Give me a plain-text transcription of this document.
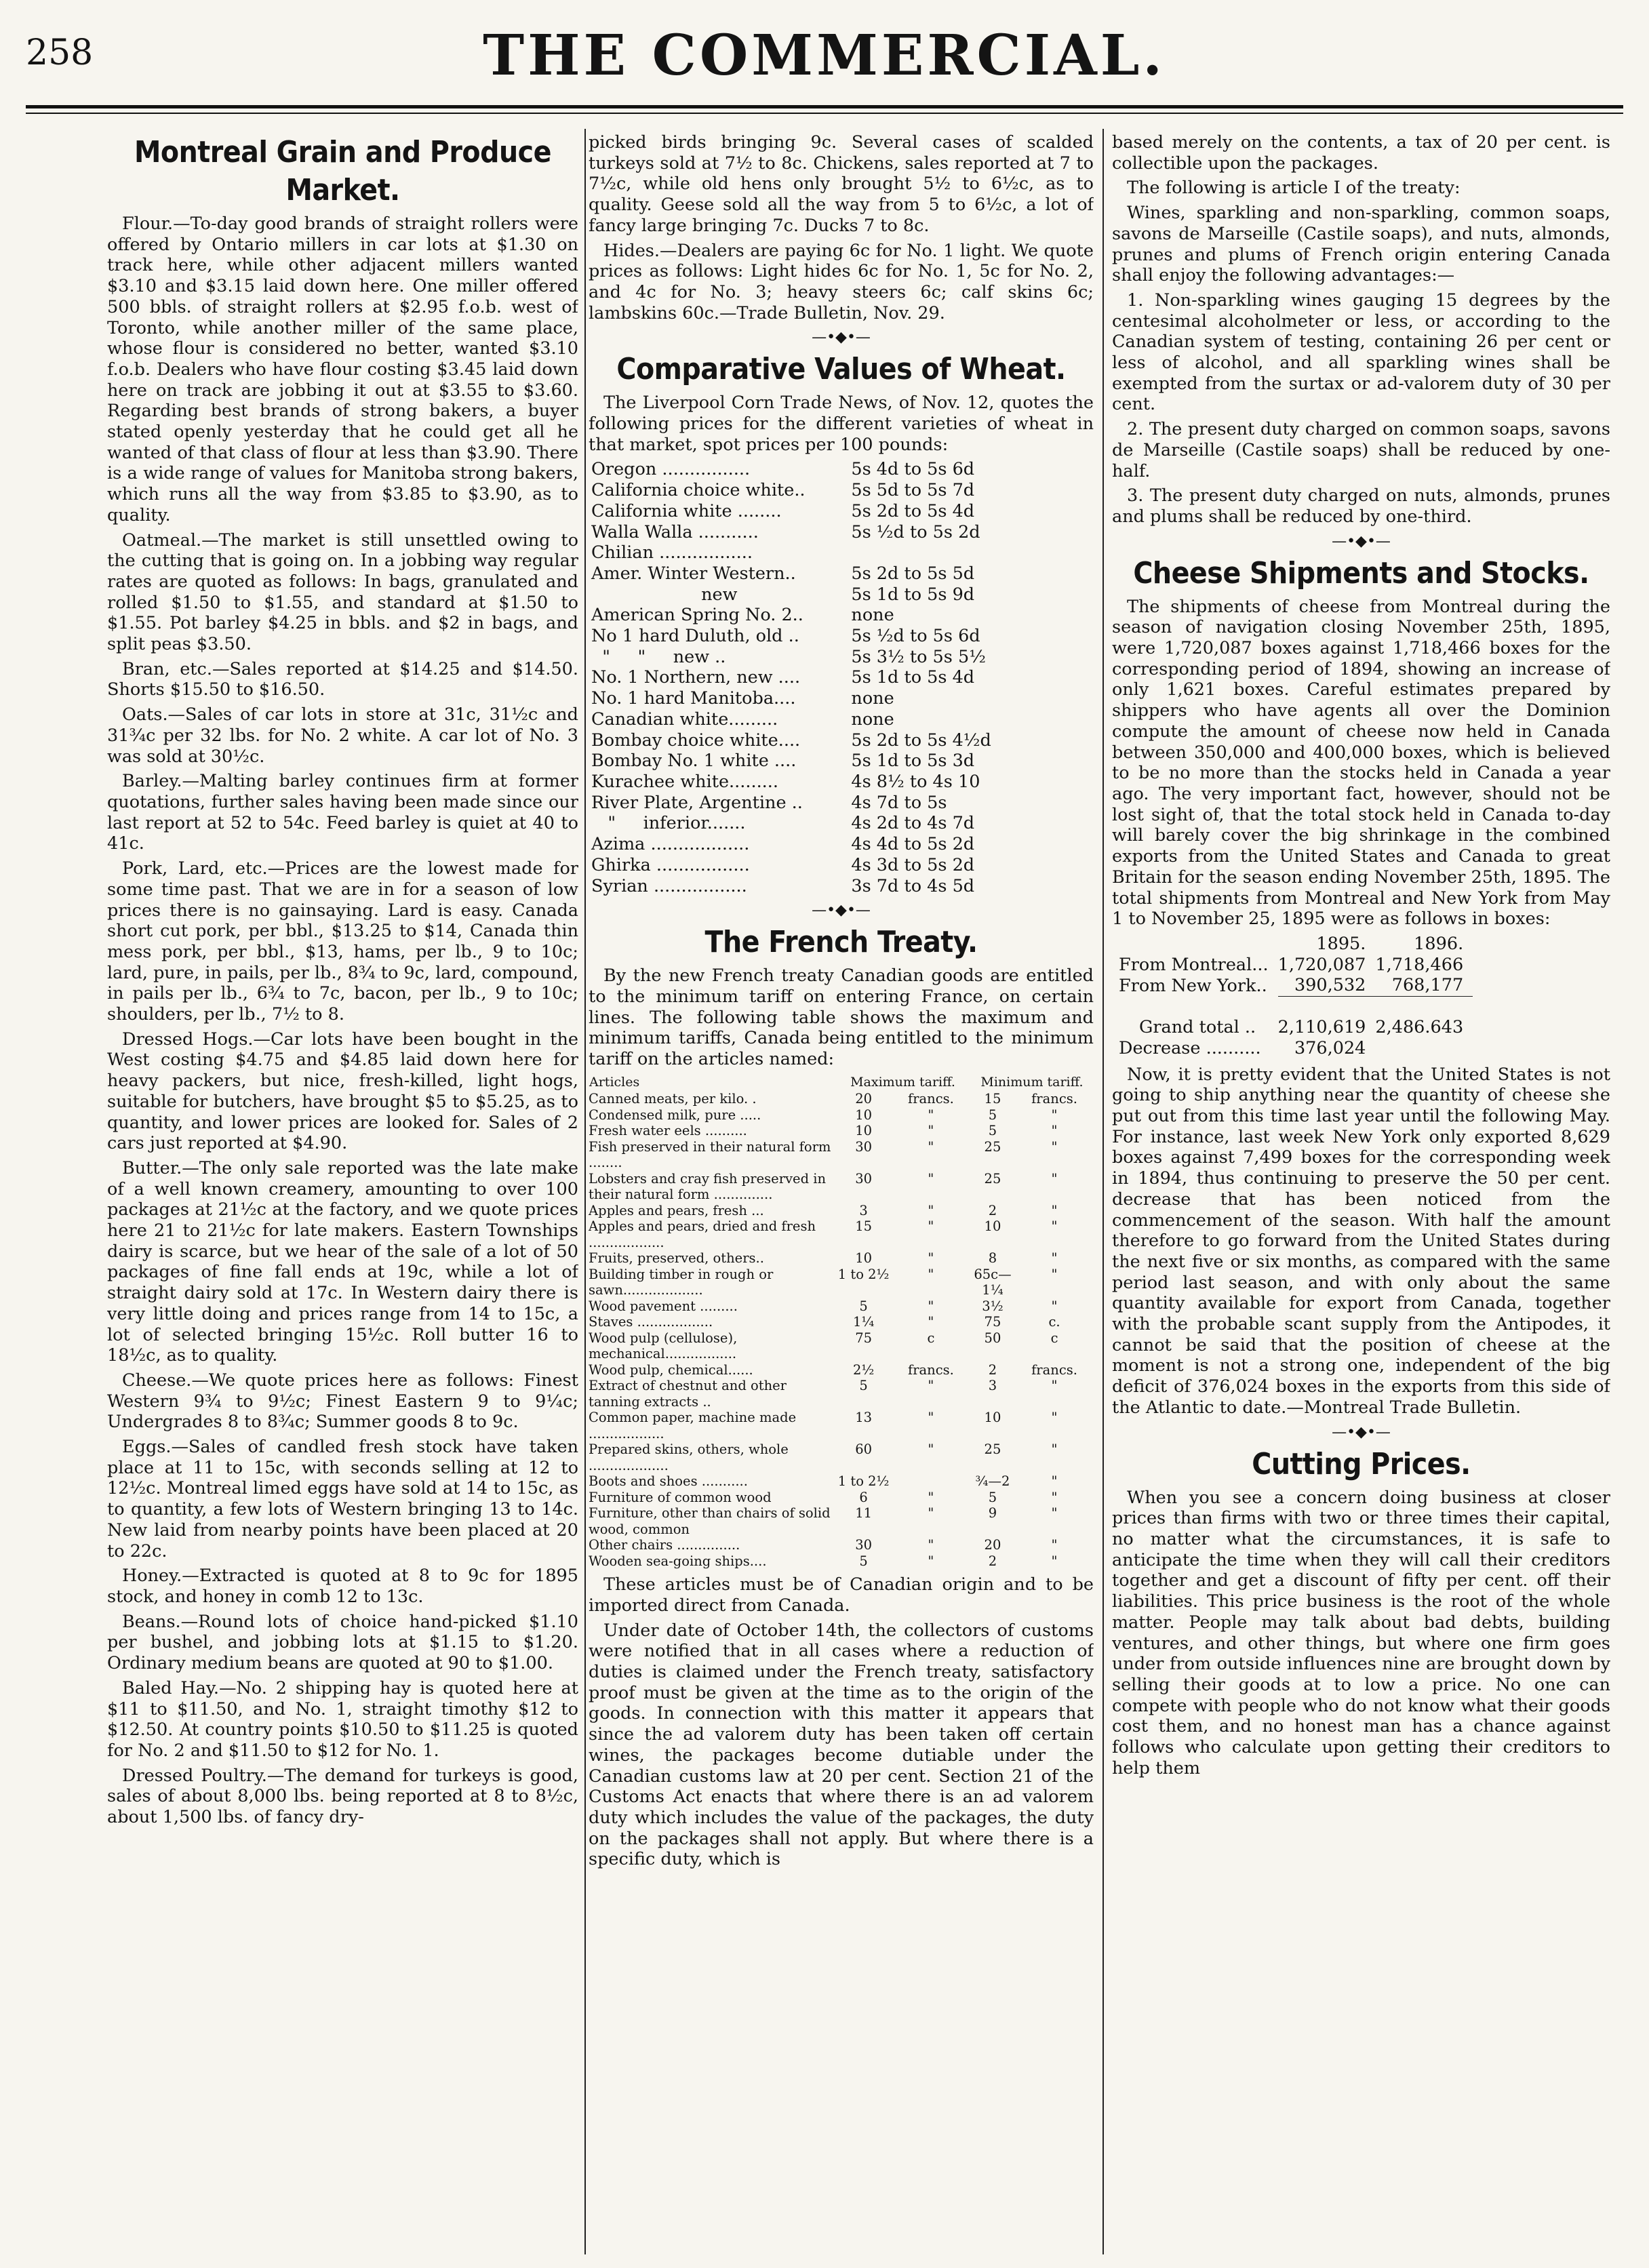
258	THE COMMERCIAL.
Montreal Grain and Produce Market.

Flour.—To-day good brands of straight rollers were offered by Ontario millers in car lots at $1.30 on track here, while other adjacent millers wanted $3.10 and $3.15 laid down here. One miller offered 500 bbls. of straight rollers at $2.95 f.o.b. west of Toronto, while another miller of the same place, whose flour is considered no better, wanted $3.10 f.o.b. Dealers who have flour costing $3.45 laid down here on track are jobbing it out at $3.55 to $3.60. Regarding best brands of strong bakers, a buyer stated openly yesterday that he could get all he wanted of that class of flour at less than $3.90. There is a wide range of values for Manitoba strong bakers, which runs all the way from $3.85 to $3.90, as to quality.

Oatmeal.—The market is still unsettled owing to the cutting that is going on. In a jobbing way regular rates are quoted as follows: In bags, granulated and rolled $1.50 to $1.55, and standard at $1.50 to $1.55. Pot barley $4.25 in bbls. and $2 in bags, and split peas $3.50.

Bran, etc.—Sales reported at $14.25 and $14.50. Shorts $15.50 to $16.50.

Oats.—Sales of car lots in store at 31c, 31½c and 31¾c per 32 lbs. for No. 2 white. A car lot of No. 3 was sold at 30½c.

Barley.—Malting barley continues firm at former quotations, further sales having been made since our last report at 52 to 54c. Feed barley is quiet at 40 to 41c.

Pork, Lard, etc.—Prices are the lowest made for some time past. That we are in for a season of low prices there is no gainsaying. Lard is easy. Canada short cut pork, per bbl., $13.25 to $14, Canada thin mess pork, per bbl., $13, hams, per lb., 9 to 10c; lard, pure, in pails, per lb., 8¾ to 9c, lard, compound, in pails per lb., 6¾ to 7c, bacon, per lb., 9 to 10c; shoulders, per lb., 7½ to 8.

Dressed Hogs.—Car lots have been bought in the West costing $4.75 and $4.85 laid down here for heavy packers, but nice, fresh-killed, light hogs, suitable for butchers, have brought $5 to $5.25, as to quantity, and lower prices are looked for. Sales of 2 cars just reported at $4.90.

Butter.—The only sale reported was the late make of a well known creamery, amounting to over 100 packages at 21½c at the factory, and we quote prices here 21 to 21½c for late makers. Eastern Townships dairy is scarce, but we hear of the sale of a lot of 50 packages of fine fall ends at 19c, while a lot of straight dairy sold at 17c. In Western dairy there is very little doing and prices range from 14 to 15c, a lot of selected bringing 15½c. Roll butter 16 to 18½c, as to quality.

Cheese.—We quote prices here as follows: Finest Western 9¾ to 9½c; Finest Eastern 9 to 9¼c; Undergrades 8 to 8¾c; Summer goods 8 to 9c.

Eggs.—Sales of candled fresh stock have taken place at 11 to 15c, with seconds selling at 12 to 12½c. Montreal limed eggs have sold at 14 to 15c, as to quantity, a few lots of Western bringing 13 to 14c. New laid from nearby points have been placed at 20 to 22c.

Honey.—Extracted is quoted at 8 to 9c for 1895 stock, and honey in comb 12 to 13c.

Beans.—Round lots of choice hand-picked $1.10 per bushel, and jobbing lots at $1.15 to $1.20. Ordinary medium beans are quoted at 90 to $1.00.

Baled Hay.—No. 2 shipping hay is quoted here at $11 to $11.50, and No. 1, straight timothy $12 to $12.50. At country points $10.50 to $11.25 is quoted for No. 2 and $11.50 to $12 for No. 1.

Dressed Poultry.—The demand for turkeys is good, sales of about 8,000 lbs. being reported at 8 to 8½c, about 1,500 lbs. of fancy dry-

picked birds bringing 9c. Several cases of scalded turkeys sold at 7½ to 8c. Chickens, sales reported at 7 to 7½c, while old hens only brought 5½ to 6½c, as to quality. Geese sold all the way from 5 to 6½c, a lot of fancy large bringing 7c. Ducks 7 to 8c.

Hides.—Dealers are paying 6c for No. 1 light. We quote prices as follows: Light hides 6c for No. 1, 5c for No. 2, and 4c for No. 3; heavy steers 6c; calf skins 6c; lambskins 60c.—Trade Bulletin, Nov. 29.

—•◆•—
Comparative Values of Wheat.

The Liverpool Corn Trade News, of Nov. 12, quotes the following prices for the different varieties of wheat in that market, spot prices per 100 pounds:

Oregon ................	5s 4d to 5s 6d
California choice white..	5s 5d to 5s 7d
California white ........	5s 2d to 5s 4d
Walla Walla ...........	5s ½d to 5s 2d
Chilian .................	
Amer. Winter Western..	5s 2d to 5s 5d
new	5s 1d to 5s 9d
American Spring No. 2..	none
No 1 hard Duluth, old ..	5s ½d to 5s 6d
"     "     new ..	5s 3½ to 5s 5½
No. 1 Northern, new ....	5s 1d to 5s 4d
No. 1 hard Manitoba....	none
Canadian white.........	none
Bombay choice white....	5s 2d to 5s 4½d
Bombay No. 1 white ....	5s 1d to 5s 3d
Kurachee white.........	4s 8½ to 4s 10
River Plate, Argentine ..	4s 7d to 5s
"     inferior.......	4s 2d to 4s 7d
Azima ..................	4s 4d to 5s 2d
Ghirka .................	4s 3d to 5s 2d
Syrian .................	3s 7d to 4s 5d
—•◆•—
The French Treaty.

By the new French treaty Canadian goods are entitled to the minimum tariff on entering France, on certain lines. The following table shows the maximum and minimum tariffs, Canada being entitled to the minimum tariff on the articles named:

Articles	Maximum tariff.		Minimum tariff.	
Canned meats, per kilo. .	20	francs.	15	francs.
Condensed milk, pure .....	10	"	5	"
Fresh water eels ..........	10	"	5	"
Fish preserved in their natural form ........	30	"	25	"
Lobsters and cray fish preserved in their natural form ..............	30	"	25	"
Apples and pears, fresh ...	3	"	2	"
Apples and pears, dried and fresh ..................	15	"	10	"
Fruits, preserved, others..	10	"	8	"
Building timber in rough or sawn...................	1 to 2½	"	65c—1¼	"
Wood pavement .........	5	"	3½	"
Staves ..................	1¼	"	75	c.
Wood pulp (cellulose), mechanical.................	75	c	50	c
Wood pulp, chemical......	2½	francs.	2	francs.
Extract of chestnut and other tanning extracts ..	5	"	3	"
Common paper, machine made ..................	13	"	10	"
Prepared skins, others, whole ...................	60	"	25	"
Boots and shoes ...........	1 to 2½		¾—2	"
Furniture of common wood	6	"	5	"
Furniture, other than chairs of solid wood, common	11	"	9	"
Other chairs ...............	30	"	20	"
Wooden sea-going ships....	5	"	2	"

These articles must be of Canadian origin and to be imported direct from Canada.

Under date of October 14th, the collectors of customs were notified that in all cases where a reduction of duties is claimed under the French treaty, satisfactory proof must be given at the time as to the origin of the goods. In connection with this matter it appears that since the ad valorem duty has been taken off certain wines, the packages become dutiable under the Canadian customs law at 20 per cent. Section 21 of the Customs Act enacts that where there is an ad valorem duty which includes the value of the packages, the duty on the packages shall not apply. But where there is a specific duty, which is

based merely on the contents, a tax of 20 per cent. is collectible upon the packages.

The following is article I of the treaty:

Wines, sparkling and non-sparkling, common soaps, savons de Marseille (Castile soaps), and nuts, almonds, prunes and plums of French origin entering Canada shall enjoy the following advantages:—

1. Non-sparkling wines gauging 15 degrees by the centesimal alcoholmeter or less, or according to the Canadian system of testing, containing 26 per cent or less of alcohol, and all sparkling wines shall be exempted from the surtax or ad-valorem duty of 30 per cent.

2. The present duty charged on common soaps, savons de Marseille (Castile soaps) shall be reduced by one-half.

3. The present duty charged on nuts, almonds, prunes and plums shall be reduced by one-third.

—•◆•—
Cheese Shipments and Stocks.

The shipments of cheese from Montreal during the season of navigation closing November 25th, 1895, were 1,720,087 boxes against 1,718,466 boxes for the corresponding period of 1894, showing an increase of only 1,621 boxes. Careful estimates prepared by shippers who have agents all over the Dominion compute the amount of cheese now held in Canada between 350,000 and 400,000 boxes, which is believed to be no more than the stocks held in Canada a year ago. The very important fact, however, should not be lost sight of, that the total stock held in Canada to-day will barely cover the big shrinkage in the combined exports from the United States and Canada to great Britain for the season ending November 25th, 1895. The total shipments from Montreal and New York from May 1 to November 25, 1895 were as follows in boxes:

	1895.	1896.
From Montreal...	1,720,087	1,718,466
From New York..	390,532	768,177

Grand total ..	2,110,619	2,486.643
Decrease ..........	376,024	

Now, it is pretty evident that the United States is not going to ship anything near the quantity of cheese she put out from this time last year until the following May. For instance, last week New York only exported 8,629 boxes against 7,499 boxes for the corresponding week in 1894, thus continuing to preserve the 50 per cent. decrease that has been noticed from the commencement of the season. With half the amount therefore to go forward from the United States during the next five or six months, as compared with the same period last season, and with only about the same quantity available for export from Canada, together with the probable scant supply from the Antipodes, it cannot be said that the position of cheese at the moment is not a strong one, independent of the big deficit of 376,024 boxes in the exports from this side of the Atlantic to date.—Montreal Trade Bulletin.

—•◆•—
Cutting Prices.

When you see a concern doing business at closer prices than firms with two or three times their capital, no matter what the circumstances, it is safe to anticipate the time when they will call their creditors together and get a discount of fifty per cent. off their liabilities. This price business is the root of the whole matter. People may talk about bad debts, building ventures, and other things, but where one firm goes under from outside influences nine are brought down by selling their goods at to low a price. No one can compete with people who do not know what their goods cost them, and no honest man has a chance against follows who calculate upon getting their creditors to help them
